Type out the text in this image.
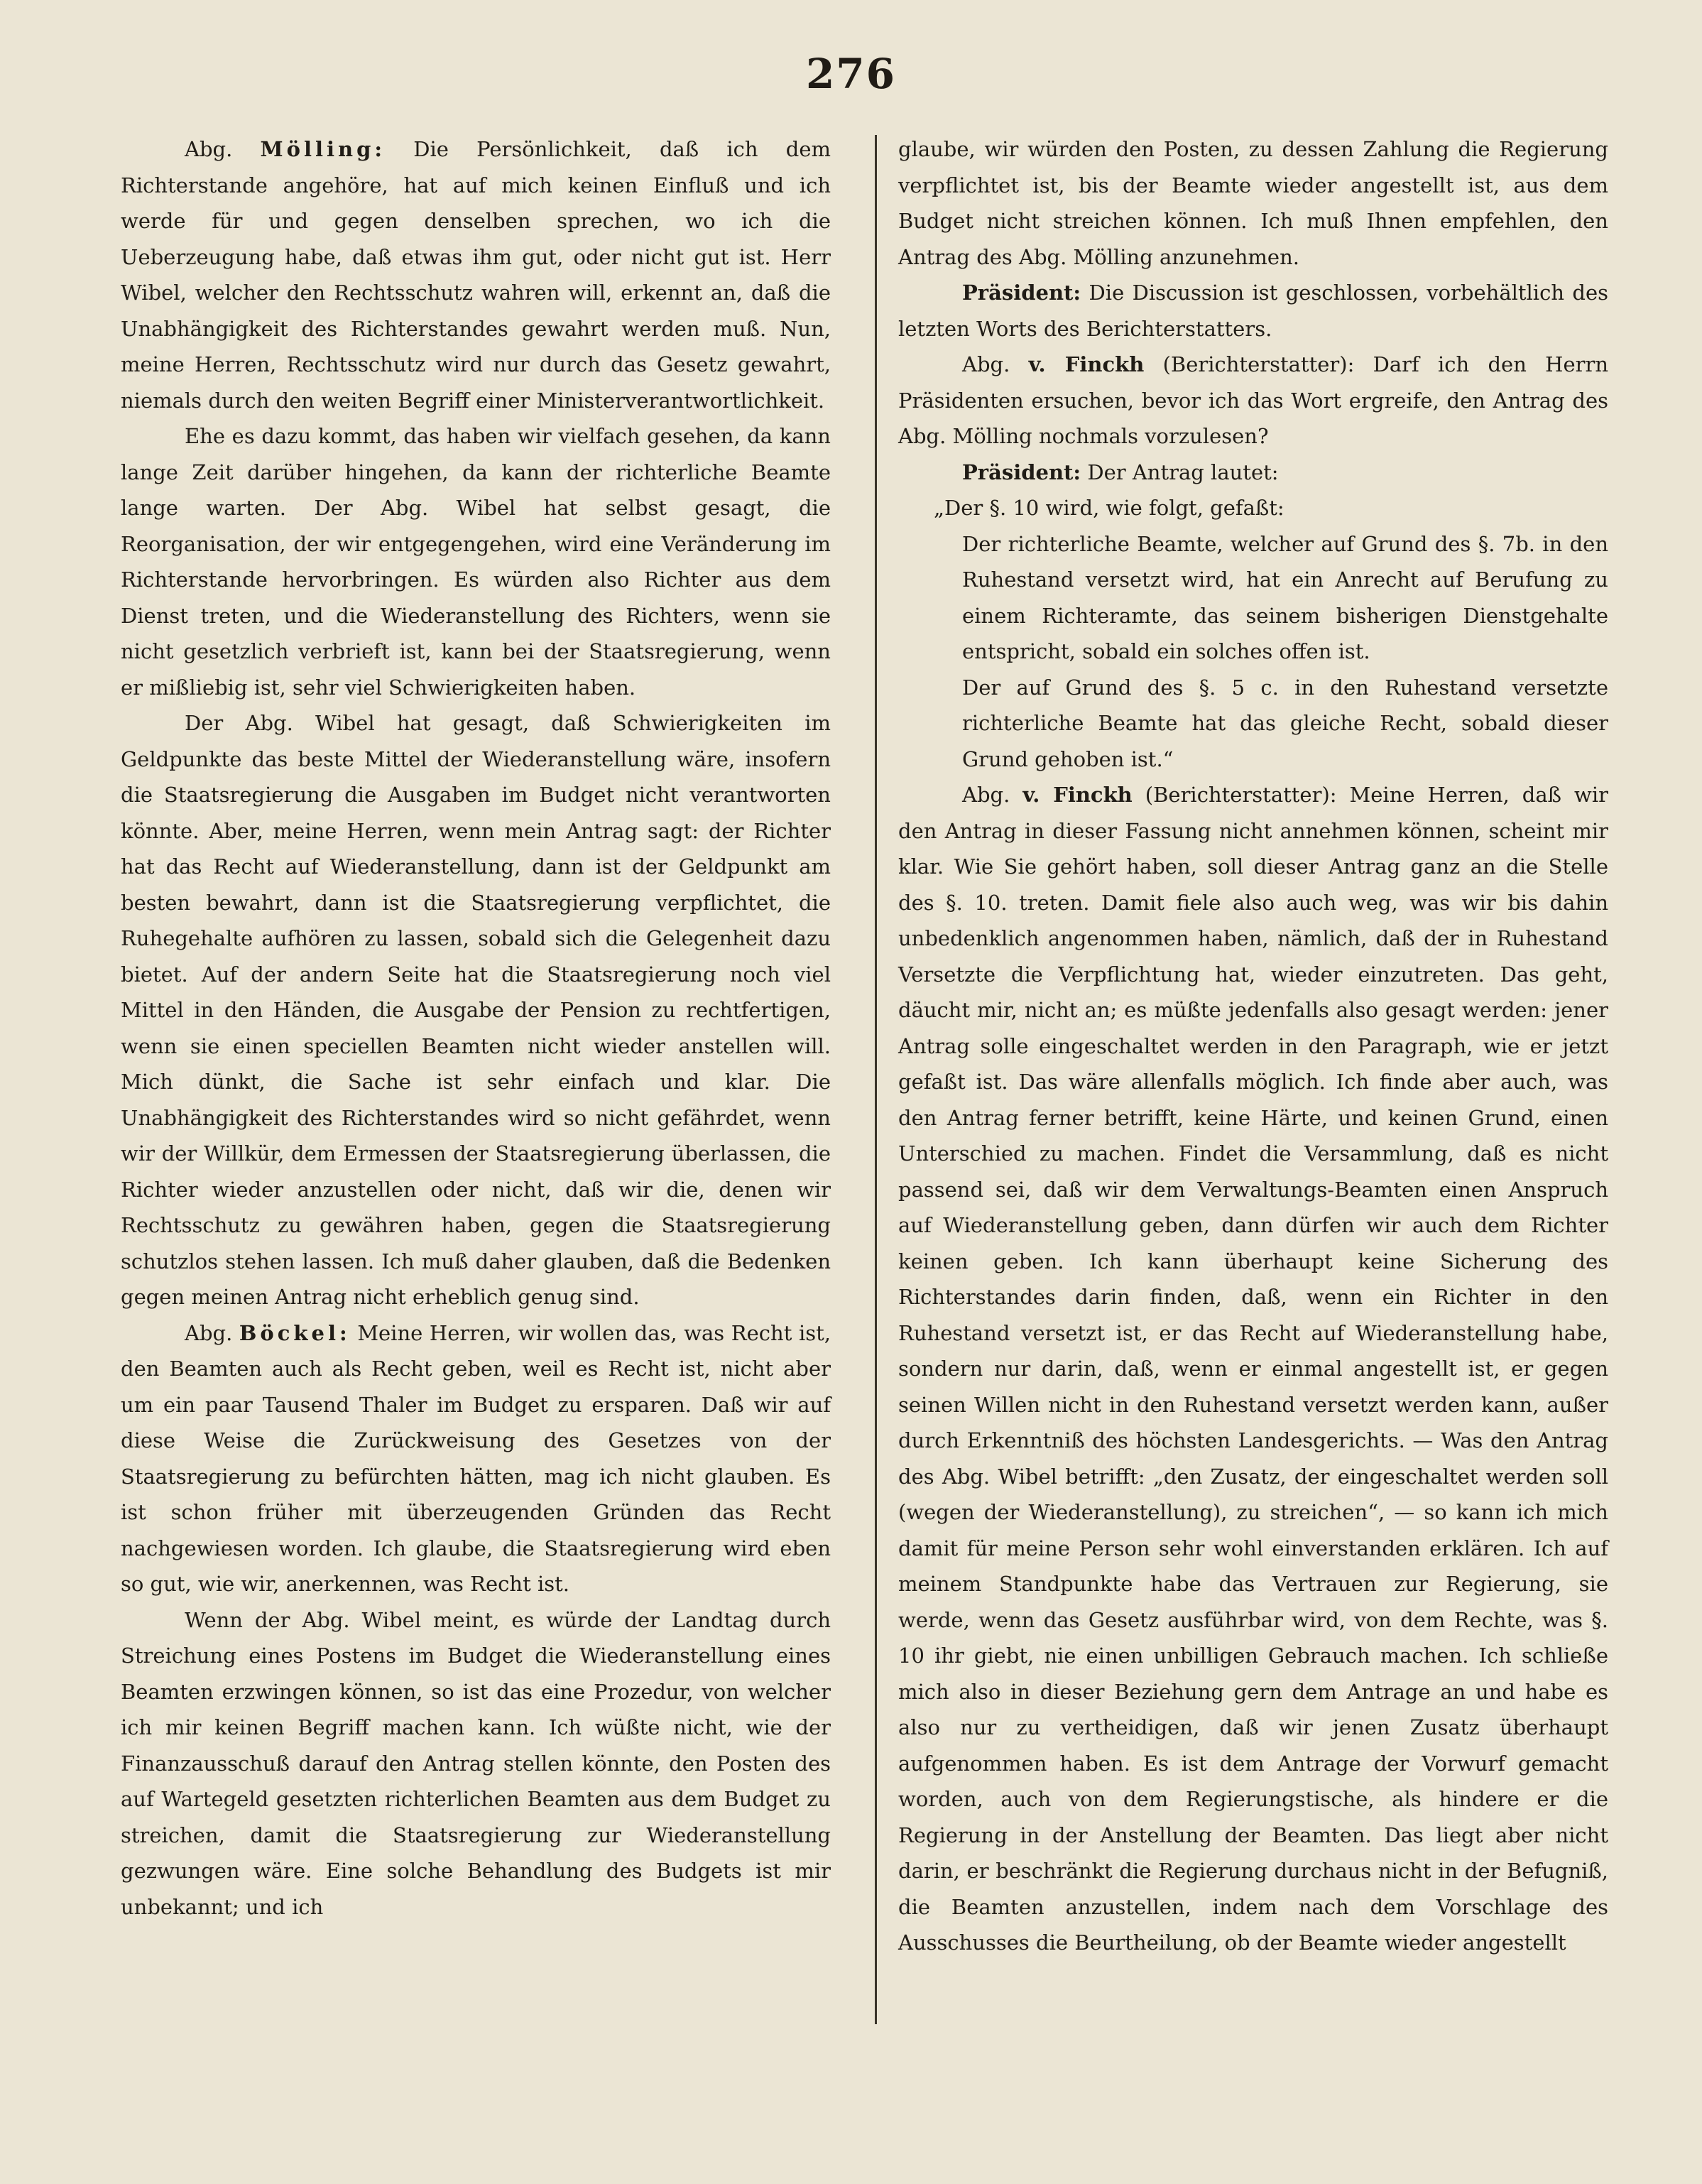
276

Abg. Mölling: Die Persönlichkeit, daß ich dem Richterstande angehöre, hat auf mich keinen Einfluß und ich werde für und gegen denselben sprechen, wo ich die Ueberzeugung habe, daß etwas ihm gut, oder nicht gut ist. Herr Wibel, welcher den Rechtsschutz wahren will, erkennt an, daß die Unabhängigkeit des Richterstandes gewahrt werden muß. Nun, meine Herren, Rechtsschutz wird nur durch das Gesetz gewahrt, niemals durch den weiten Begriff einer Ministerverantwortlichkeit.

Ehe es dazu kommt, das haben wir vielfach gesehen, da kann lange Zeit darüber hingehen, da kann der richterliche Beamte lange warten. Der Abg. Wibel hat selbst gesagt, die Reorganisation, der wir entgegengehen, wird eine Veränderung im Richterstande hervorbringen. Es würden also Richter aus dem Dienst treten, und die Wiederanstellung des Richters, wenn sie nicht gesetzlich verbrieft ist, kann bei der Staatsregierung, wenn er mißliebig ist, sehr viel Schwierigkeiten haben.

Der Abg. Wibel hat gesagt, daß Schwierigkeiten im Geldpunkte das beste Mittel der Wiederanstellung wäre, insofern die Staatsregierung die Ausgaben im Budget nicht verantworten könnte. Aber, meine Herren, wenn mein Antrag sagt: der Richter hat das Recht auf Wiederanstellung, dann ist der Geldpunkt am besten bewahrt, dann ist die Staatsregierung verpflichtet, die Ruhegehalte aufhören zu lassen, sobald sich die Gelegenheit dazu bietet. Auf der andern Seite hat die Staatsregierung noch viel Mittel in den Händen, die Ausgabe der Pension zu rechtfertigen, wenn sie einen speciellen Beamten nicht wieder anstellen will. Mich dünkt, die Sache ist sehr einfach und klar. Die Unabhängigkeit des Richterstandes wird so nicht gefährdet, wenn wir der Willkür, dem Ermessen der Staatsregierung überlassen, die Richter wieder anzustellen oder nicht, daß wir die, denen wir Rechtsschutz zu gewähren haben, gegen die Staatsregierung schutzlos stehen lassen. Ich muß daher glauben, daß die Bedenken gegen meinen Antrag nicht erheblich genug sind.

Abg. Böckel: Meine Herren, wir wollen das, was Recht ist, den Beamten auch als Recht geben, weil es Recht ist, nicht aber um ein paar Tausend Thaler im Budget zu ersparen. Daß wir auf diese Weise die Zurückweisung des Gesetzes von der Staatsregierung zu befürchten hätten, mag ich nicht glauben. Es ist schon früher mit überzeugenden Gründen das Recht nachgewiesen worden. Ich glaube, die Staatsregierung wird eben so gut, wie wir, anerkennen, was Recht ist.

Wenn der Abg. Wibel meint, es würde der Landtag durch Streichung eines Postens im Budget die Wiederanstellung eines Beamten erzwingen können, so ist das eine Prozedur, von welcher ich mir keinen Begriff machen kann. Ich wüßte nicht, wie der Finanzausschuß darauf den Antrag stellen könnte, den Posten des auf Wartegeld gesetzten richterlichen Beamten aus dem Budget zu streichen, damit die Staatsregierung zur Wiederanstellung gezwungen wäre. Eine solche Behandlung des Budgets ist mir unbekannt; und ich

glaube, wir würden den Posten, zu dessen Zahlung die Regierung verpflichtet ist, bis der Beamte wieder angestellt ist, aus dem Budget nicht streichen können. Ich muß Ihnen empfehlen, den Antrag des Abg. Mölling anzunehmen.

Präsident: Die Discussion ist geschlossen, vorbehältlich des letzten Worts des Berichterstatters.

Abg. v. Finckh (Berichterstatter): Darf ich den Herrn Präsidenten ersuchen, bevor ich das Wort ergreife, den Antrag des Abg. Mölling nochmals vorzulesen?

Präsident: Der Antrag lautet:

„Der §. 10 wird, wie folgt, gefaßt:

Der richterliche Beamte, welcher auf Grund des §. 7b. in den Ruhestand versetzt wird, hat ein Anrecht auf Berufung zu einem Richteramte, das seinem bisherigen Dienstgehalte entspricht, sobald ein solches offen ist.

Der auf Grund des §. 5 c. in den Ruhestand versetzte richterliche Beamte hat das gleiche Recht, sobald dieser Grund gehoben ist.“

Abg. v. Finckh (Berichterstatter): Meine Herren, daß wir den Antrag in dieser Fassung nicht annehmen können, scheint mir klar. Wie Sie gehört haben, soll dieser Antrag ganz an die Stelle des §. 10. treten. Damit fiele also auch weg, was wir bis dahin unbedenklich angenommen haben, nämlich, daß der in Ruhestand Versetzte die Verpflichtung hat, wieder einzutreten. Das geht, däucht mir, nicht an; es müßte jedenfalls also gesagt werden: jener Antrag solle eingeschaltet werden in den Paragraph, wie er jetzt gefaßt ist. Das wäre allenfalls möglich. Ich finde aber auch, was den Antrag ferner betrifft, keine Härte, und keinen Grund, einen Unterschied zu machen. Findet die Versammlung, daß es nicht passend sei, daß wir dem Verwaltungs-Beamten einen Anspruch auf Wiederanstellung geben, dann dürfen wir auch dem Richter keinen geben. Ich kann überhaupt keine Sicherung des Richterstandes darin finden, daß, wenn ein Richter in den Ruhestand versetzt ist, er das Recht auf Wiederanstellung habe, sondern nur darin, daß, wenn er einmal angestellt ist, er gegen seinen Willen nicht in den Ruhestand versetzt werden kann, außer durch Erkenntniß des höchsten Landesgerichts. — Was den Antrag des Abg. Wibel betrifft: „den Zusatz, der eingeschaltet werden soll (wegen der Wiederanstellung), zu streichen“, — so kann ich mich damit für meine Person sehr wohl einverstanden erklären. Ich auf meinem Standpunkte habe das Vertrauen zur Regierung, sie werde, wenn das Gesetz ausführbar wird, von dem Rechte, was §. 10 ihr giebt, nie einen unbilligen Gebrauch machen. Ich schließe mich also in dieser Beziehung gern dem Antrage an und habe es also nur zu vertheidigen, daß wir jenen Zusatz überhaupt aufgenommen haben. Es ist dem Antrage der Vorwurf gemacht worden, auch von dem Regierungstische, als hindere er die Regierung in der Anstellung der Beamten. Das liegt aber nicht darin, er beschränkt die Regierung durchaus nicht in der Befugniß, die Beamten anzustellen, indem nach dem Vorschlage des Ausschusses die Beurtheilung, ob der Beamte wieder angestellt
